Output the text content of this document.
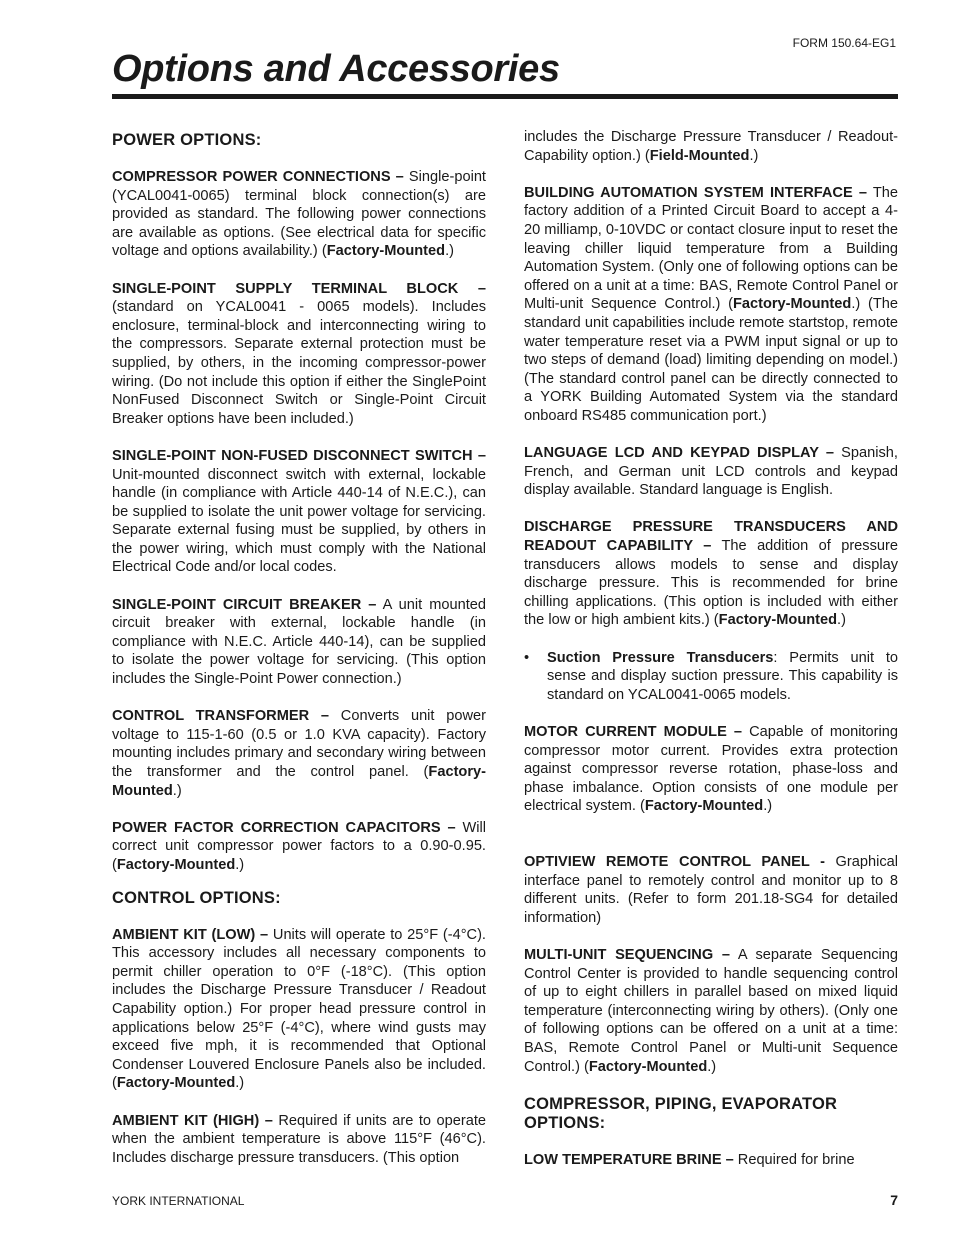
FORM 150.64-EG1
Options and Accessories
POWER OPTIONS:

COMPRESSOR POWER CONNECTIONS – Single-point (YCAL0041-0065) terminal block connection(s) are provided as standard. The following power connections are available as options. (See electrical data for specific voltage and options availability.) (Factory-Mounted.)

SINGLE-POINT SUPPLY TERMINAL BLOCK – (standard on YCAL0041 - 0065 models). Includes enclosure, terminal-block and interconnecting wiring to the compressors. Separate external protection must be supplied, by others, in the incoming compressor-power wiring. (Do not include this option if either the SinglePoint NonFused Disconnect Switch or Single-Point Circuit Breaker options have been included.)

SINGLE-POINT NON-FUSED DISCONNECT SWITCH – Unit-mounted disconnect switch with external, lockable handle (in compliance with Article 440-14 of N.E.C.), can be supplied to isolate the unit power voltage for servicing. Separate external fusing must be supplied, by others in the power wiring, which must comply with the National Electrical Code and/or local codes.

SINGLE-POINT CIRCUIT BREAKER – A unit mounted circuit breaker with external, lockable handle (in compliance with N.E.C. Article 440-14), can be supplied to isolate the power voltage for servicing. (This option includes the Single-Point Power connection.)

CONTROL TRANSFORMER – Converts unit power voltage to 115-1-60 (0.5 or 1.0 KVA capacity). Factory mounting includes primary and secondary wiring between the transformer and the control panel. (Factory-Mounted.)

POWER FACTOR CORRECTION CAPACITORS – Will correct unit compressor power factors to a 0.90-0.95. (Factory-Mounted.)

CONTROL OPTIONS:

AMBIENT KIT (LOW) – Units will operate to 25°F (-4°C). This accessory includes all necessary components to permit chiller operation to 0°F (-18°C). (This option includes the Discharge Pressure Transducer / Readout Capability option.) For proper head pressure control in applications below 25°F (-4°C), where wind gusts may exceed five mph, it is recommended that Optional Condenser Louvered Enclosure Panels also be included. (Factory-Mounted.)

AMBIENT KIT (HIGH) – Required if units are to operate when the ambient temperature is above 115°F (46°C). Includes discharge pressure transducers. (This option

includes the Discharge Pressure Transducer / Readout-Capability option.) (Field-Mounted.)

BUILDING AUTOMATION SYSTEM INTERFACE – The factory addition of a Printed Circuit Board to accept a 4-20 milliamp, 0-10VDC or contact closure input to reset the leaving chiller liquid temperature from a Building Automation System. (Only one of following options can be offered on a unit at a time: BAS, Remote Control Panel or Multi-unit Sequence Control.) (Factory-Mounted.) (The standard unit capabilities include remote startstop, remote water temperature reset via a PWM input signal or up to two steps of demand (load) limiting depending on model.) (The standard control panel can be directly connected to a YORK Building Automated System via the standard onboard RS485 communication port.)

LANGUAGE LCD AND KEYPAD DISPLAY – Spanish, French, and German unit LCD controls and keypad display available. Standard language is English.

DISCHARGE PRESSURE TRANSDUCERS AND READOUT CAPABILITY – The addition of pressure transducers allows models to sense and display discharge pressure. This is recommended for brine chilling applications. (This option is included with either the low or high ambient kits.) (Factory-Mounted.)

•	Suction Pressure Transducers: Permits unit to sense and display suction pressure. This capability is standard on YCAL0041-0065 models.

MOTOR CURRENT MODULE – Capable of monitoring compressor motor current. Provides extra protection against compressor reverse rotation, phase-loss and phase imbalance. Option consists of one module per electrical system. (Factory-Mounted.)

OPTIVIEW REMOTE CONTROL PANEL - Graphical interface panel to remotely control and monitor up to 8 different units. (Refer to form 201.18-SG4 for detailed information)

MULTI-UNIT SEQUENCING – A separate Sequencing Control Center is provided to handle sequencing control of up to eight chillers in parallel based on mixed liquid temperature (interconnecting wiring by others). (Only one of following options can be offered on a unit at a time: BAS, Remote Control Panel or Multi-unit Sequence Control.) (Factory-Mounted.)

COMPRESSOR, PIPING, EVAPORATOR OPTIONS:

LOW TEMPERATURE BRINE – Required for brine

YORK INTERNATIONAL	7
